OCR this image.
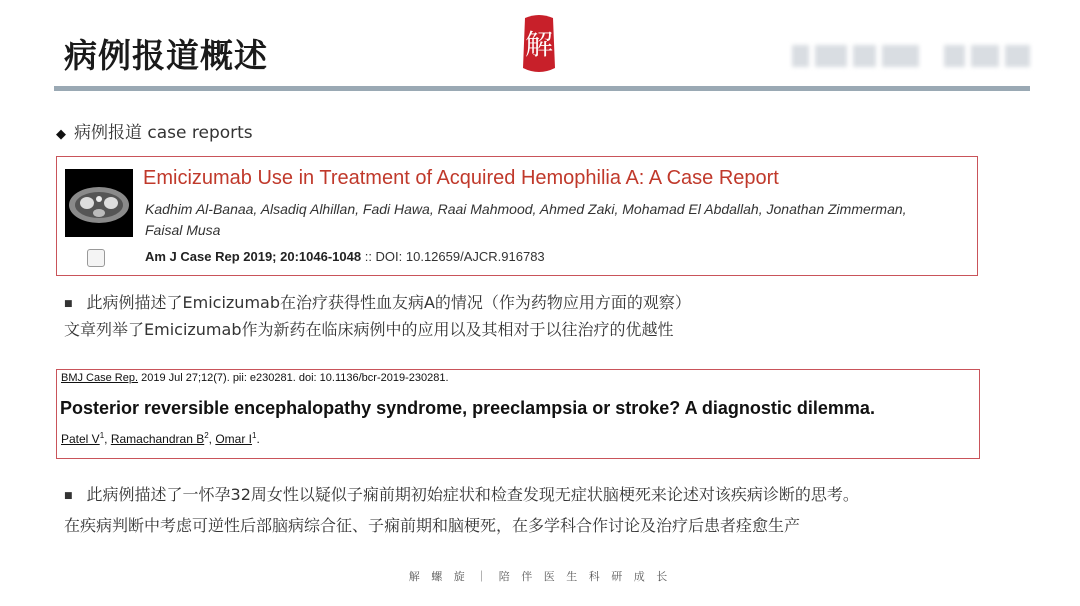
病例报道概述	解
◆ 病例报道 case reports
Emicizumab Use in Treatment of Acquired Hemophilia A: A Case Report
Kadhim Al-Banaa, Alsadiq Alhillan, Fadi Hawa, Raai Mahmood, Ahmed Zaki, Mohamad El Abdallah, Jonathan Zimmerman,
Faisal Musa
Am J Case Rep 2019; 20:1046-1048 :: DOI: 10.12659/AJCR.916783
■ 此病例描述了Emicizumab在治疗获得性血友病A的情况（作为药物应用方面的观察）
文章列举了Emicizumab作为新药在临床病例中的应用以及其相对于以往治疗的优越性
BMJ Case Rep. 2019 Jul 27;12(7). pii: e230281. doi: 10.1136/bcr-2019-230281.
Posterior reversible encephalopathy syndrome, preeclampsia or stroke? A diagnostic dilemma.
Patel $V^1$, Ramachandran $B^2$, Omar $I^1$.
■ 此病例描述了一怀孕32周女性以疑似子痫前期初始症状和检查发现无症状脑梗死来论述对该疾病诊断的思考。
在疾病判断中考虑可逆性后部脑病综合征、子痫前期和脑梗死，在多学科合作讨论及治疗后患者痊愈生产
解 螺 旋 ｜ 陪 伴 医 生 科 研 成 长
